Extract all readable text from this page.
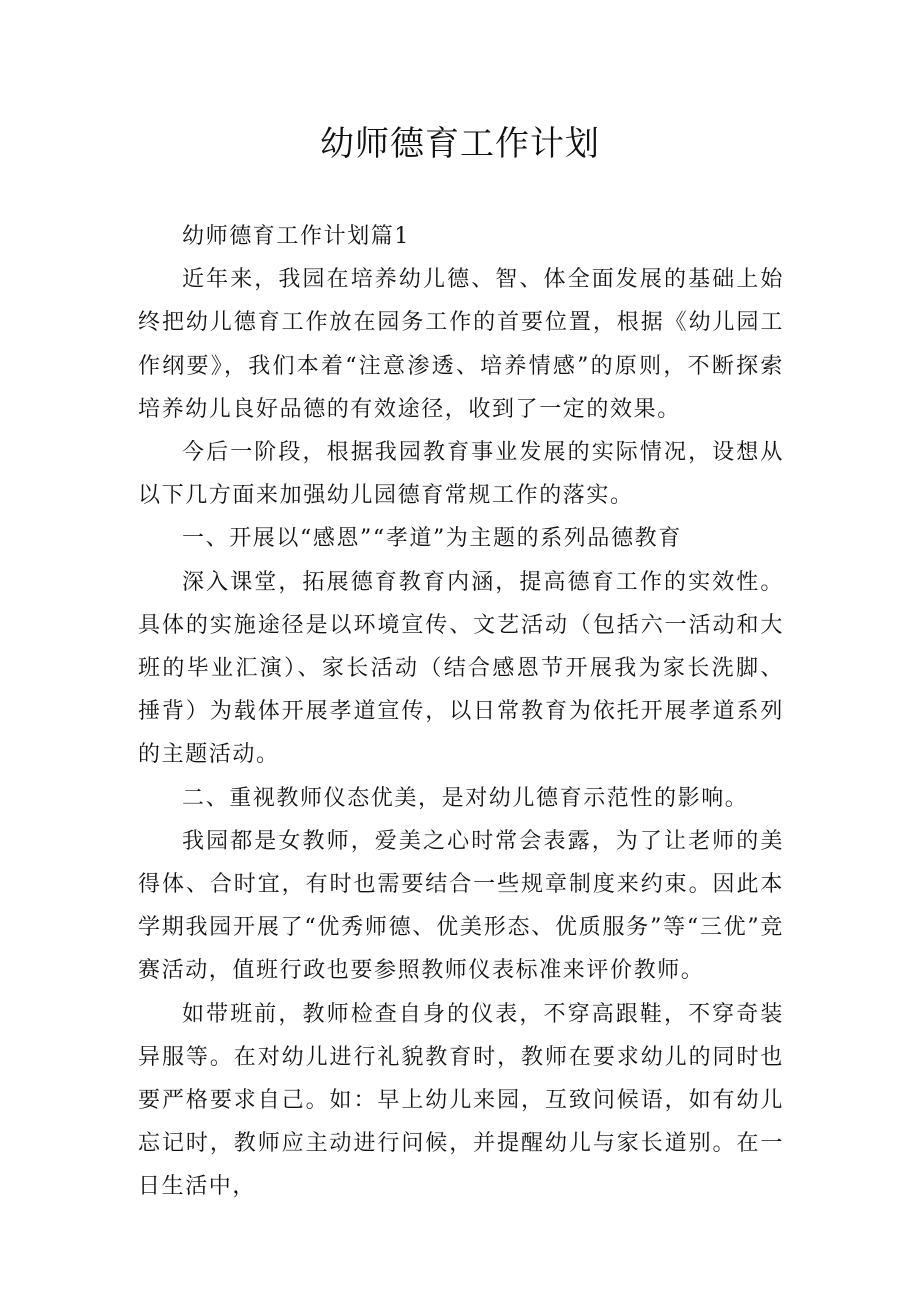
幼师德育工作计划

幼师德育工作计划篇1

近年来，我园在培养幼儿德、智、体全面发展的基础上始终把幼儿德育工作放在园务工作的首要位置，根据《幼儿园工作纲要》，我们本着“注意渗透、培养情感”的原则，不断探索培养幼儿良好品德的有效途径，收到了一定的效果。

今后一阶段，根据我园教育事业发展的实际情况，设想从以下几方面来加强幼儿园德育常规工作的落实。

一、开展以“感恩”“孝道”为主题的系列品德教育

深入课堂，拓展德育教育内涵，提高德育工作的实效性。具体的实施途径是以环境宣传、文艺活动（包括六一活动和大班的毕业汇演）、家长活动（结合感恩节开展我为家长洗脚、捶背）为载体开展孝道宣传，以日常教育为依托开展孝道系列的主题活动。

二、重视教师仪态优美，是对幼儿德育示范性的影响。

我园都是女教师，爱美之心时常会表露，为了让老师的美得体、合时宜，有时也需要结合一些规章制度来约束。因此本学期我园开展了“优秀师德、优美形态、优质服务”等“三优”竞赛活动，值班行政也要参照教师仪表标准来评价教师。

如带班前，教师检查自身的仪表，不穿高跟鞋，不穿奇装异服等。在对幼儿进行礼貌教育时，教师在要求幼儿的同时也要严格要求自己。如：早上幼儿来园，互致问候语，如有幼儿忘记时，教师应主动进行问候，并提醒幼儿与家长道别。在一日生活中，
